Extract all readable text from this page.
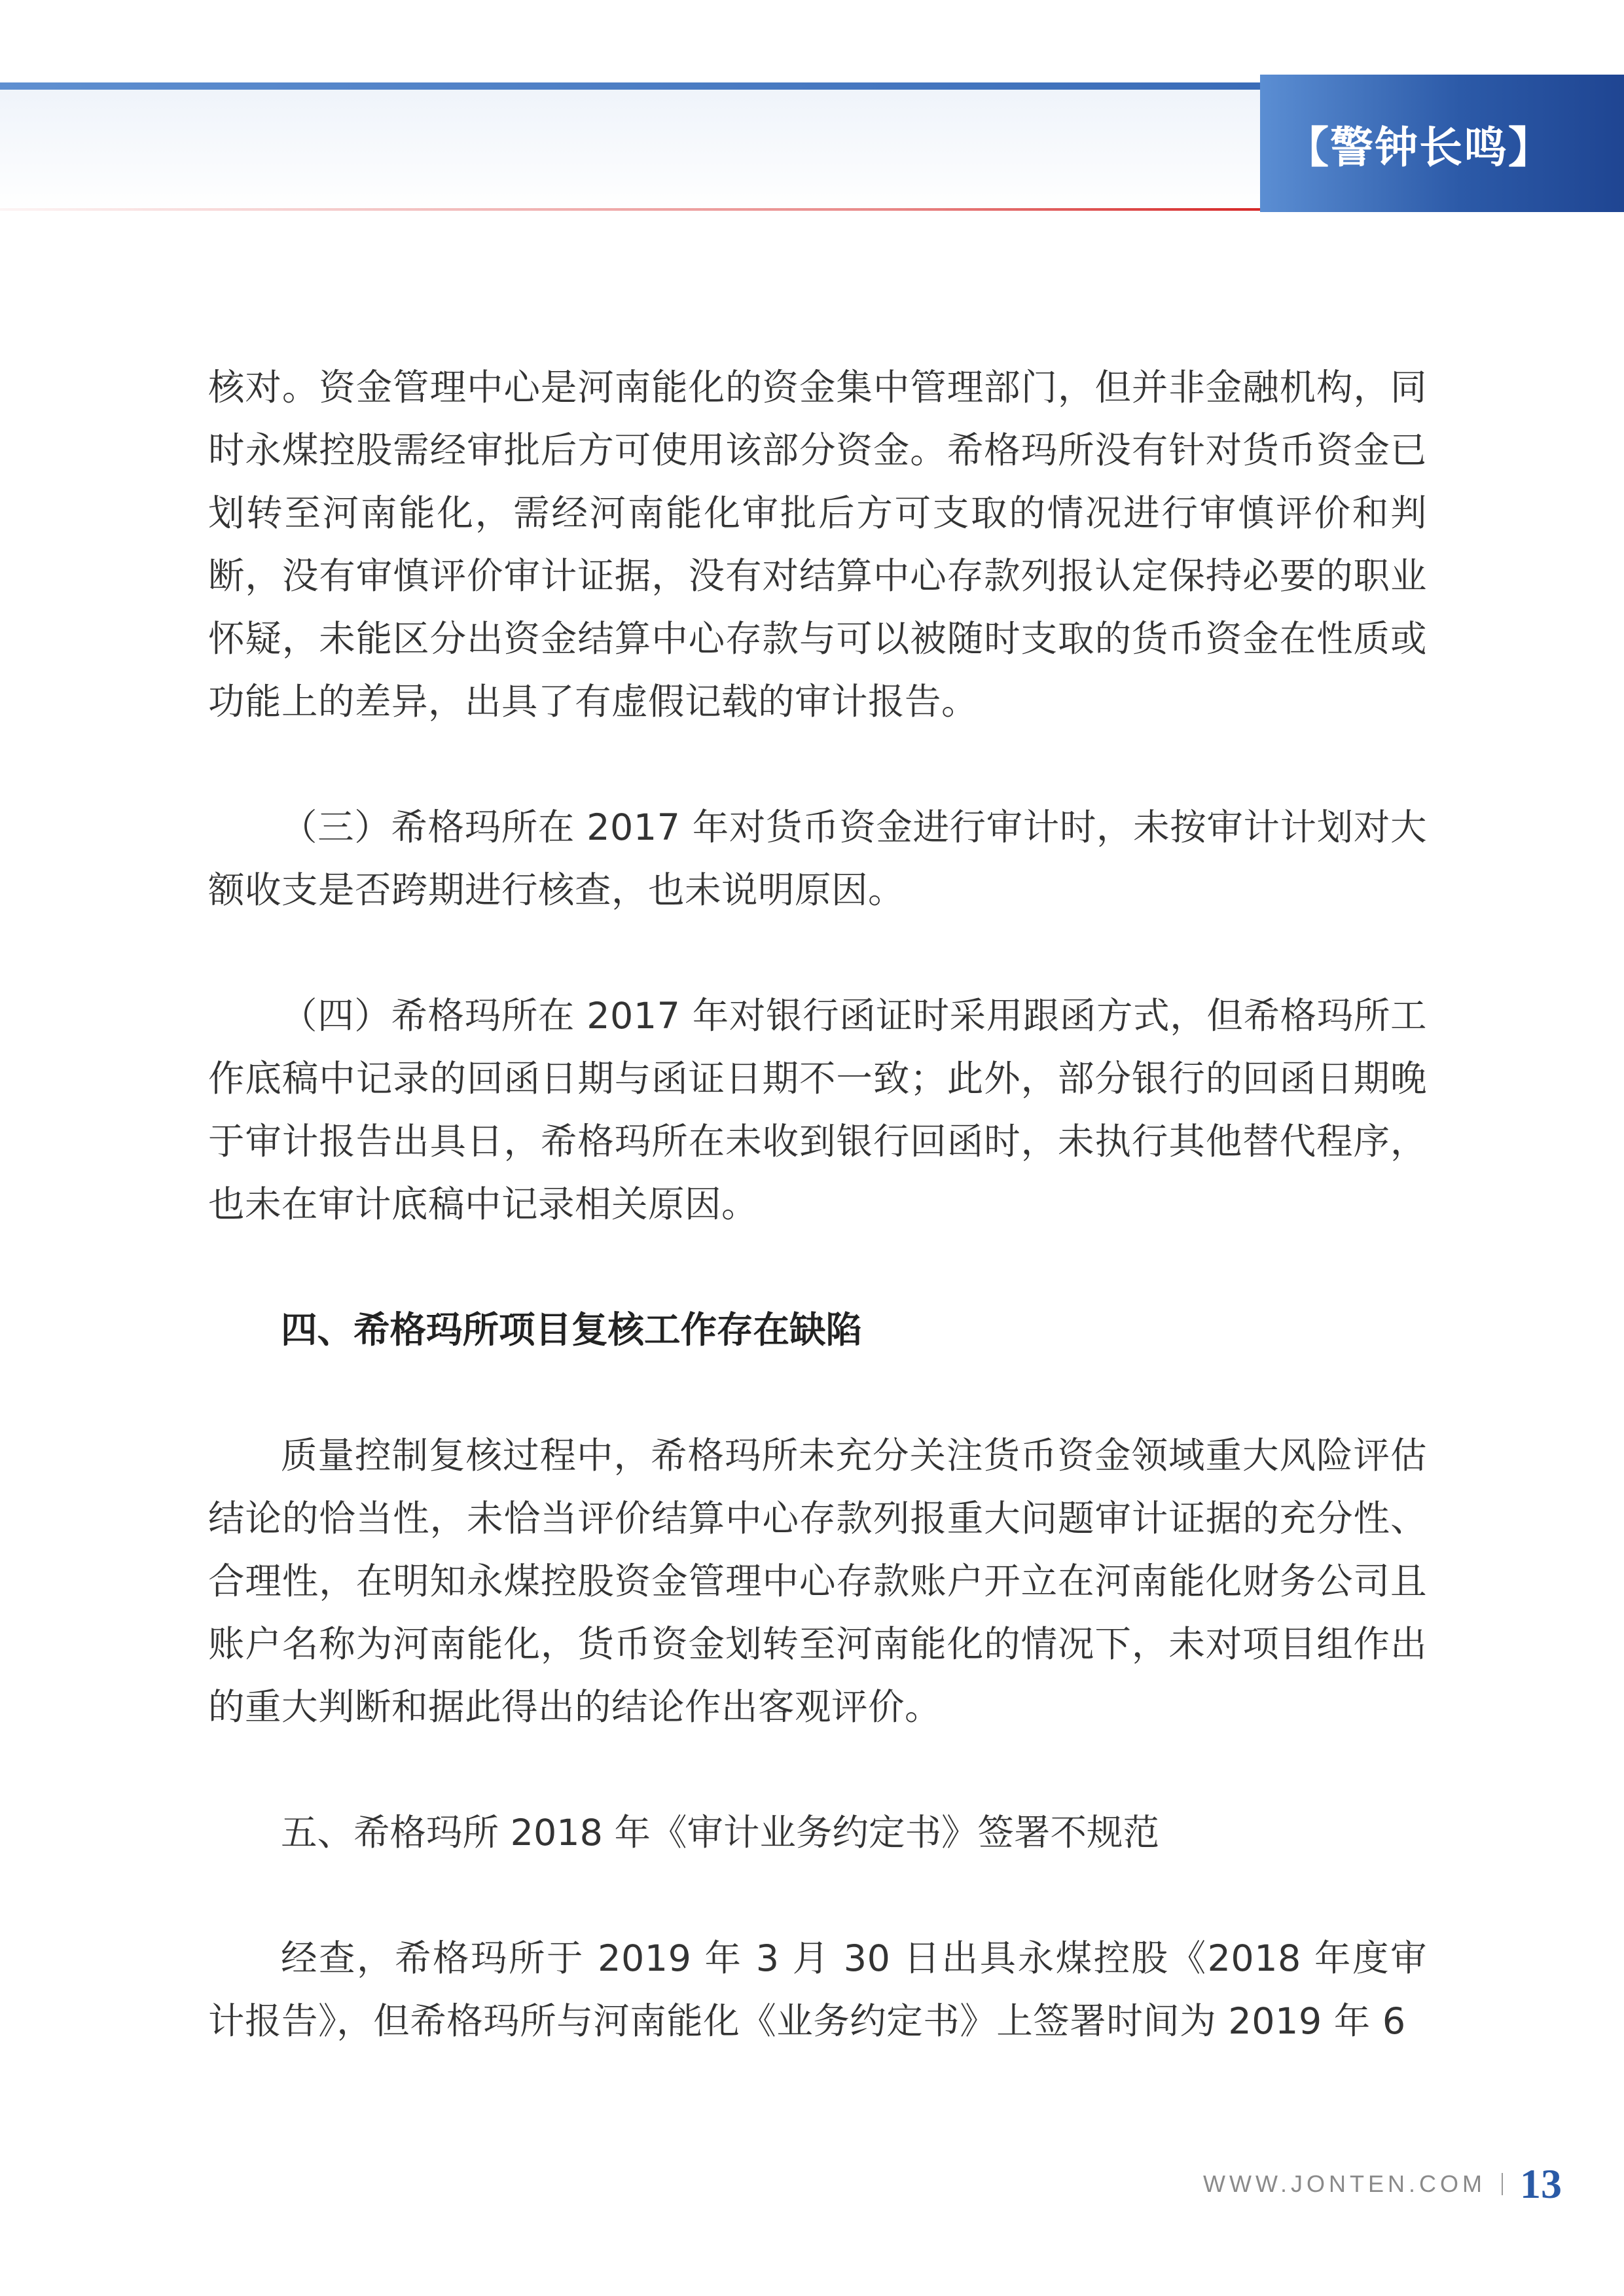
【警钟长鸣】

核对。资金管理中心是河南能化的资金集中管理部门，但并非金融机构，同时永煤控股需经审批后方可使用该部分资金。希格玛所没有针对货币资金已划转至河南能化，需经河南能化审批后方可支取的情况进行审慎评价和判断，没有审慎评价审计证据，没有对结算中心存款列报认定保持必要的职业怀疑，未能区分出资金结算中心存款与可以被随时支取的货币资金在性质或功能上的差异，出具了有虚假记载的审计报告。

（三）希格玛所在 2017 年对货币资金进行审计时，未按审计计划对大额收支是否跨期进行核查，也未说明原因。

（四）希格玛所在 2017 年对银行函证时采用跟函方式，但希格玛所工作底稿中记录的回函日期与函证日期不一致；此外，部分银行的回函日期晚于审计报告出具日，希格玛所在未收到银行回函时，未执行其他替代程序，也未在审计底稿中记录相关原因。

四、希格玛所项目复核工作存在缺陷

质量控制复核过程中，希格玛所未充分关注货币资金领域重大风险评估结论的恰当性，未恰当评价结算中心存款列报重大问题审计证据的充分性、合理性，在明知永煤控股资金管理中心存款账户开立在河南能化财务公司且账户名称为河南能化，货币资金划转至河南能化的情况下，未对项目组作出的重大判断和据此得出的结论作出客观评价。

五、希格玛所 2018 年《审计业务约定书》签署不规范

经查，希格玛所于 2019 年 3 月 30 日出具永煤控股《2018 年度审计报告》，但希格玛所与河南能化《业务约定书》上签署时间为 2019 年 6

WWW.JONTEN.COM 13
